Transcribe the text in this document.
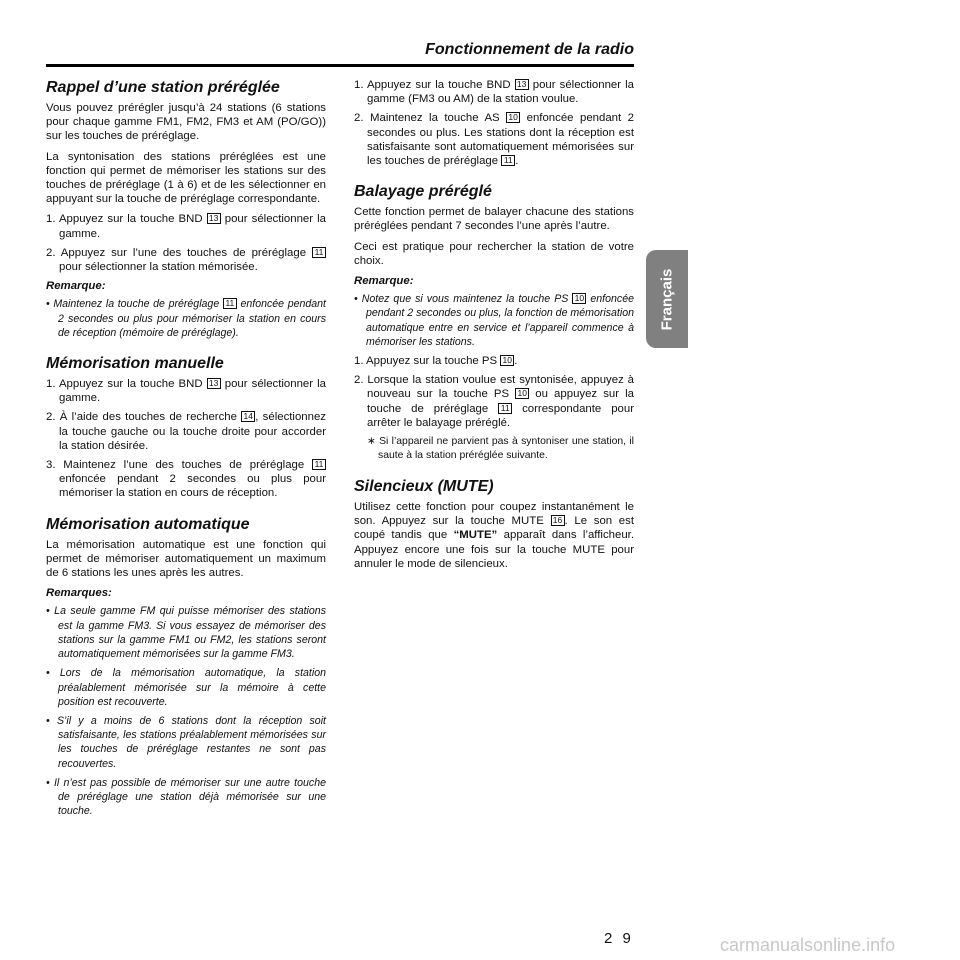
Fonctionnement de la radio
Rappel d’une station préréglée

Vous pouvez prérégler jusqu’à 24 stations (6 stations pour chaque gamme FM1, FM2, FM3 et AM (PO/GO)) sur les touches de préréglage.

La syntonisation des stations préréglées est une fonction qui permet de mémoriser les stations sur des touches de préréglage (1 à 6) et de les sélectionner en appuyant sur la touche de préréglage correspondante.

1. Appuyez sur la touche BND 13 pour sélectionner la gamme.
2. Appuyez sur l’une des touches de préréglage 11 pour sélectionner la station mémorisée.
Remarque:
• Maintenez la touche de préréglage 11 enfoncée pendant 2 secondes ou plus pour mémoriser la station en cours de réception (mémoire de préréglage).
Mémorisation manuelle
1. Appuyez sur la touche BND 13 pour sélectionner la gamme.
2. À l’aide des touches de recherche 14 , sélectionnez la touche gauche ou la touche droite pour accorder la station désirée.
3. Maintenez l’une des touches de préréglage 11 enfoncée pendant 2 secondes ou plus pour mémoriser la station en cours de réception.
Mémorisation automatique

La mémorisation automatique est une fonction qui permet de mémoriser automatiquement un maximum de 6 stations les unes après les autres.

Remarques:
• La seule gamme FM qui puisse mémoriser des stations est la gamme FM3. Si vous essayez de mémoriser des stations sur la gamme FM1 ou FM2, les stations seront automatiquement mémorisées sur la gamme FM3.
• Lors de la mémorisation automatique, la station préalablement mémorisée sur la mémoire à cette position est recouverte.
• S’il y a moins de 6 stations dont la réception soit satisfaisante, les stations préalablement mémorisées sur les touches de préréglage restantes ne sont pas recouvertes.
• Il n’est pas possible de mémoriser sur une autre touche de préréglage une station déjà mémorisée sur une touche.
1. Appuyez sur la touche BND 13 pour sélectionner la gamme (FM3 ou AM) de la station voulue.
2. Maintenez la touche AS 10 enfoncée pendant 2 secondes ou plus. Les stations dont la réception est satisfaisante sont automatiquement mémorisées sur les touches de préréglage 11 .
Balayage préréglé

Cette fonction permet de balayer chacune des stations préréglées pendant 7 secondes l’une après l’autre.

Ceci est pratique pour rechercher la station de votre choix.

Remarque:
• Notez que si vous maintenez la touche PS 10 enfoncée pendant 2 secondes ou plus, la fonction de mémorisation automatique entre en service et l’appareil commence à mémoriser les stations.
1. Appuyez sur la touche PS 10 .
2. Lorsque la station voulue est syntonisée, appuyez à nouveau sur la touche PS 10 ou appuyez sur la touche de préréglage 11 correspondante pour arrêter le balayage préréglé.
∗ Si l’appareil ne parvient pas à syntoniser une station, il saute à la station préréglée suivante.
Silencieux (MUTE)

Utilisez cette fonction pour coupez instantanément le son. Appuyez sur la touche MUTE 16 . Le son est coupé tandis que “MUTE” apparaît dans l’afficheur. Appuyez encore une fois sur la touche MUTE pour annuler le mode de silencieux.

Français
2 9	carmanualsonline.info
